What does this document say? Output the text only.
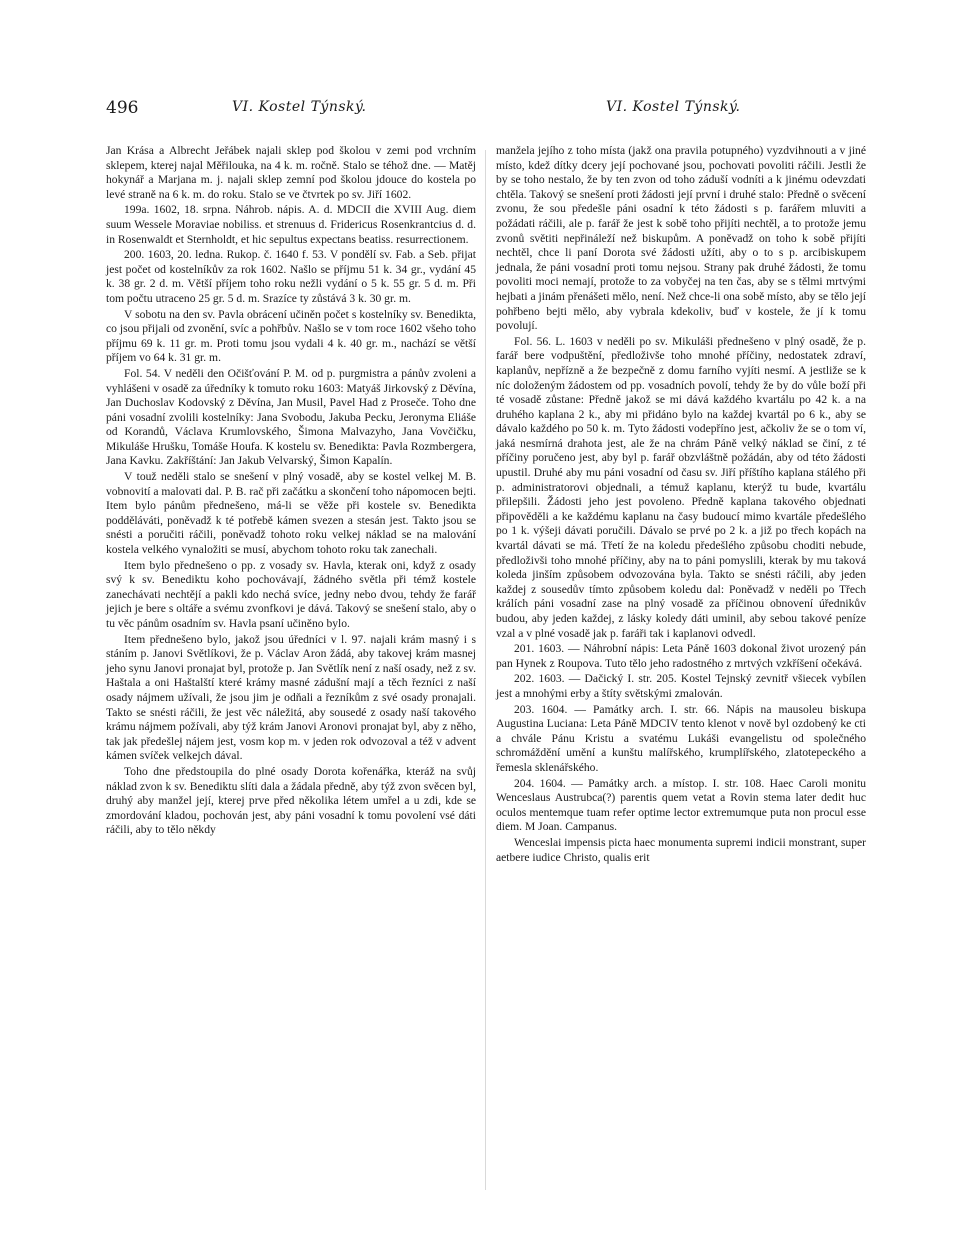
496	VI. Kostel Týnský.	VI. Kostel Týnský.

Jan Krása a Albrecht Jeřábek najali sklep pod školou v zemi pod vrchním sklepem, kterej najal Měřilouka, na 4 k. m. ročně. Stalo se téhož dne. — Matěj hokynář a Marjana m. j. najali sklep zemní pod školou jdouce do kostela po levé straně na 6 k. m. do roku. Stalo se ve čtvrtek po sv. Jiří 1602.

199a. 1602, 18. srpna. Náhrob. nápis. A. d. MDCII die XVIII Aug. diem suum Wessele Moraviae nobiliss. et strenuus d. Fridericus Rosenkrantcius d. d. in Rosenwaldt et Sternholdt, et hic sepultus expectans beatiss. resurrectionem.

200. 1603, 20. ledna. Rukop. č. 1640 f. 53. V pondělí sv. Fab. a Seb. přijat jest počet od kostelníkův za rok 1602. Našlo se příjmu 51 k. 34 gr., vydání 45 k. 38 gr. 2 d. m. Větší příjem toho roku nežli vydání o 5 k. 55 gr. 5 d. m. Při tom počtu utraceno 25 gr. 5 d. m. Srazíce ty zůstává 3 k. 30 gr. m.

V sobotu na den sv. Pavla obrácení učiněn počet s kostelníky sv. Benedikta, co jsou přijali od zvonění, svíc a pohřbův. Našlo se v tom roce 1602 všeho toho příjmu 69 k. 11 gr. m. Proti tomu jsou vydali 4 k. 40 gr. m., nachází se větší příjem vo 64 k. 31 gr. m.

Fol. 54. V neděli den Očišťování P. M. od p. purgmistra a pánův zvoleni a vyhlášeni v osadě za úředníky k tomuto roku 1603: Matyáš Jirkovský z Děvína, Jan Duchoslav Kodovský z Děvína, Jan Musil, Pavel Had z Proseče. Toho dne páni vosadní zvolili kostelníky: Jana Svobodu, Jakuba Pecku, Jeronyma Eliáše od Korandů, Václava Krumlovského, Šimona Malvazyho, Jana Vovčičku, Mikuláše Hrušku, Tomáše Houfa. K kostelu sv. Benedikta: Pavla Rozmbergera, Jana Kavku. Zakříštání: Jan Jakub Velvarský, Šimon Kapalín.

V touž neděli stalo se snešení v plný vosadě, aby se kostel velkej M. B. vobnovití a malovati dal. P. B. rač při začátku a skončení toho nápomocen bejti. Item bylo pánům přednešeno, má-li se věže při kostele sv. Benedikta podděláváti, poněvadž k té potřebě kámen svezen a stesán jest. Takto jsou se snésti a poručiti ráčili, poněvadž tohoto roku velkej náklad se na malování kostela velkého vynaložiti se musí, abychom tohoto roku tak zanechali.

Item bylo přednešeno o pp. z vosady sv. Havla, kterak oni, když z osady svý k sv. Benediktu koho pochovávají, žádného světla při témž kostele zanechávati nechtějí a pakli kdo nechá svíce, jedny nebo dvou, tehdy že farář jejich je bere s oltáře a svému zvonfkovi je dává. Takový se snešení stalo, aby o tu věc pánům osadním sv. Havla psaní učiněno bylo.

Item přednešeno bylo, jakož jsou úředníci v l. 97. najali krám masný i s stáním p. Janovi Světlíkovi, že p. Václav Aron žádá, aby takovej krám masnej jeho synu Janovi pronajat byl, protože p. Jan Světlík není z naší osady, než z sv. Haštala a oni Haštalští které krámy masné zádušní mají a těch řezníci z naší osady nájmem užívali, že jsou jim je odňali a řezníkům z své osady pronajali. Takto se snésti ráčili, že jest věc náležitá, aby sousedé z osady naší takového krámu nájmem požívali, aby týž krám Janovi Aronovi pronajat byl, aby z něho, tak jak předešlej nájem jest, vosm kop m. v jeden rok odvozoval a též v advent kámen svíček velkejch dával.

Toho dne předstoupila do plné osady Dorota kořenářka, kteráž na svůj náklad zvon k sv. Benediktu slíti dala a žádala předně, aby týž zvon svěcen byl, druhý aby manžel její, kterej prve před několika létem umřel a u zdi, kde se zmordování kladou, pochován jest, aby páni vosadní k tomu povolení vsé dáti ráčili, aby to tělo někdy

manžela jejího z toho místa (jakž ona pravila potupného) vyzdvihnouti a v jiné místo, kdež dítky dcery její pochované jsou, pochovati povoliti ráčili. Jestli že by se toho nestalo, že by ten zvon od toho záduší vodníti a k jinému odevzdati chtěla. Takový se snešení proti žádosti její první i druhé stalo: Předně o svěcení zvonu, že sou předešle páni osadní k této žádosti s p. farářem mluviti a požádati ráčili, ale p. farář že jest k sobě toho přijíti nechtěl, a to protože jemu zvonů světiti nepřináleží než biskupům. A poněvadž on toho k sobě přijíti nechtěl, chce li paní Dorota své žádosti užíti, aby o to s p. arcibiskupem jednala, že páni vosadní proti tomu nejsou. Strany pak druhé žádosti, že tomu povoliti moci nemají, protože to za vobyčej na ten čas, aby se s tělmi mrtvými hejbati a jinám přenášeti mělo, není. Než chce-li ona sobě místo, aby se tělo její pohřbeno bejti mělo, aby vybrala kdekoliv, buď v kostele, že jí k tomu povolují.

Fol. 56. L. 1603 v neděli po sv. Mikuláši přednešeno v plný osadě, že p. farář bere vodpuštění, předloživše toho mnohé příčiny, nedostatek zdraví, kaplanův, nepřízně a že bezpečně z domu farního vyjíti nesmí. A jestliže se k níc doloženým žádostem od pp. vosadních povolí, tehdy že by do vůle boží při té vosadě zůstane: Předně jakož se mi dává každého kvartálu po 42 k. a na druhého kaplana 2 k., aby mi přidáno bylo na každej kvartál po 6 k., aby se dávalo každého po 50 k. m. Tyto žádosti vodepříno jest, ačkoliv že se o tom ví, jaká nesmírná drahota jest, ale že na chrám Páně velký náklad se činí, z té příčiny poručeno jest, aby byl p. farář obzvláštně požádán, aby od této žádosti upustil. Druhé aby mu páni vosadní od času sv. Jiří příštího kaplana stálého při p. administratorovi objednali, a témuž kaplanu, kterýž tu bude, kvartálu přilepšili. Žádosti jeho jest povoleno. Předně kaplana takového objednati připověděli a ke každému kaplanu na časy budoucí mimo kvartále předešlého po 1 k. výšeji dávati poručili. Dávalo se prvé po 2 k. a již po třech kopách na kvartál dávati se má. Třetí že na koledu předešlého způsobu choditi nebude, předloživši toho mnohé příčiny, aby na to páni pomyslili, kterak by mu taková koleda jinším způsobem odvozována byla. Takto se snésti ráčili, aby jeden každej z sousedův tímto způsobem koledu dal: Poněvadž v neděli po Třech králích páni vosadní zase na plný vosadě za příčinou obnovení úřednikův budou, aby jeden každej, z lásky koledy dáti uminil, aby sebou takové peníze vzal a v plné vosadě jak p. faráři tak i kaplanovi odvedl.

201. 1603. — Náhrobní nápis: Leta Páně 1603 dokonal život urozený pán pan Hynek z Roupova. Tuto tělo jeho radostného z mrtvých vzkříšení očekává.

202. 1603. — Dačický I. str. 205. Kostel Tejnský zevnitř všiecek vybílen jest a mnohými erby a štíty světskými zmalován.

203. 1604. — Památky arch. I. str. 66. Nápis na mausoleu biskupa Augustina Luciana: Leta Páně MDCIV tento klenot v nově byl ozdobený ke cti a chvále Pánu Kristu a svatému Lukáši evangelistu od společného schromáždění umění a kunštu malířského, krumplířského, zlatotepeckého a řemesla sklenářského.

204. 1604. — Památky arch. a místop. I. str. 108. Haec Caroli monitu Wenceslaus Austrubca(?) parentis quem vetat a Rovin stema later dedit huc oculos mentemque tuam refer optime lector extremumque puta non procul esse diem. M Joan. Campanus.

Wenceslai impensis picta haec monumenta supremi indicii monstrant, super aetbere iudice Christo, qualis erit
